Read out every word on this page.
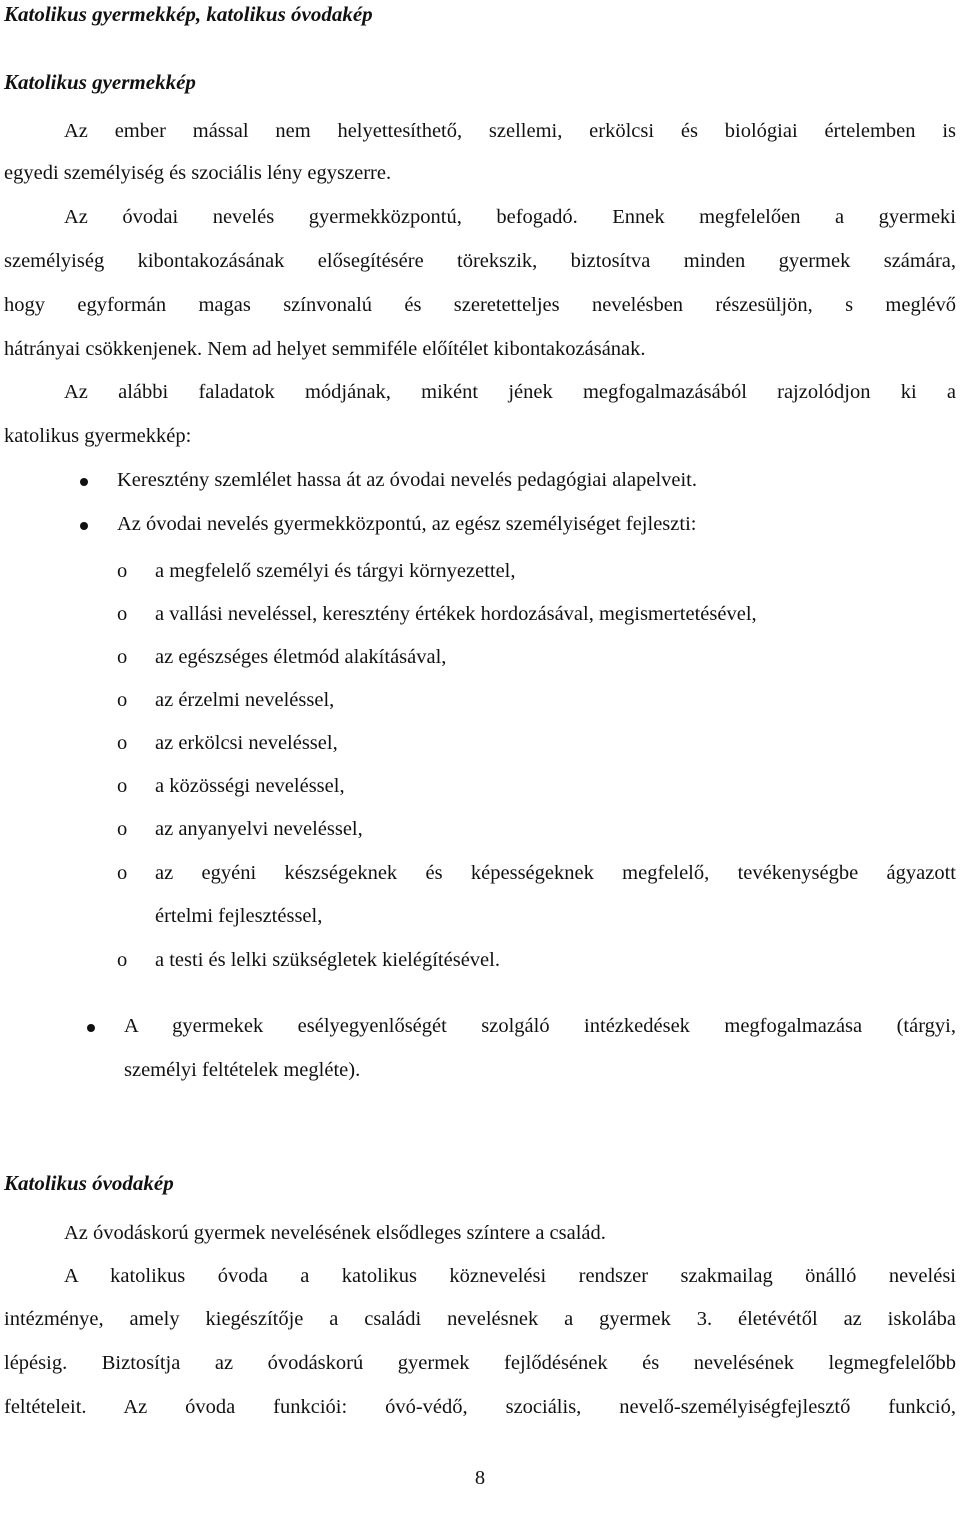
Katolikus gyermekkép, katolikus óvodakép
Katolikus gyermekkép
Az ember mással nem helyettesíthető, szellemi, erkölcsi és biológiai értelemben is
egyedi személyiség és szociális lény egyszerre.
Az óvodai nevelés gyermekközpontú, befogadó. Ennek megfelelően a gyermeki
személyiség kibontakozásának elősegítésére törekszik, biztosítva minden gyermek számára,
hogy egyformán magas színvonalú és szeretetteljes nevelésben részesüljön, s meglévő
hátrányai csökkenjenek. Nem ad helyet semmiféle előítélet kibontakozásának.
Az alábbi faladatok módjának, miként jének megfogalmazásából rajzolódjon ki a
katolikus gyermekkép:
Keresztény szemlélet hassa át az óvodai nevelés pedagógiai alapelveit.
Az óvodai nevelés gyermekközpontú, az egész személyiséget fejleszti:
o a megfelelő személyi és tárgyi környezettel,
o a vallási neveléssel, keresztény értékek hordozásával, megismertetésével,
o az egészséges életmód alakításával,
o az érzelmi neveléssel,
o az erkölcsi neveléssel,
o a közösségi neveléssel,
o az anyanyelvi neveléssel,
o az egyéni készségeknek és képességeknek megfelelő, tevékenységbe ágyazott
értelmi fejlesztéssel,
o a testi és lelki szükségletek kielégítésével.
A gyermekek esélyegyenlőségét szolgáló intézkedések megfogalmazása (tárgyi,
személyi feltételek megléte).
Katolikus óvodakép
Az óvodáskorú gyermek nevelésének elsődleges színtere a család.
A katolikus óvoda a katolikus köznevelési rendszer szakmailag önálló nevelési
intézménye, amely kiegészítője a családi nevelésnek a gyermek 3. életévétől az iskolába
lépésig. Biztosítja az óvodáskorú gyermek fejlődésének és nevelésének legmegfelelőbb
feltételeit. Az óvoda funkciói: óvó-védő, szociális, nevelő-személyiségfejlesztő funkció,
8
